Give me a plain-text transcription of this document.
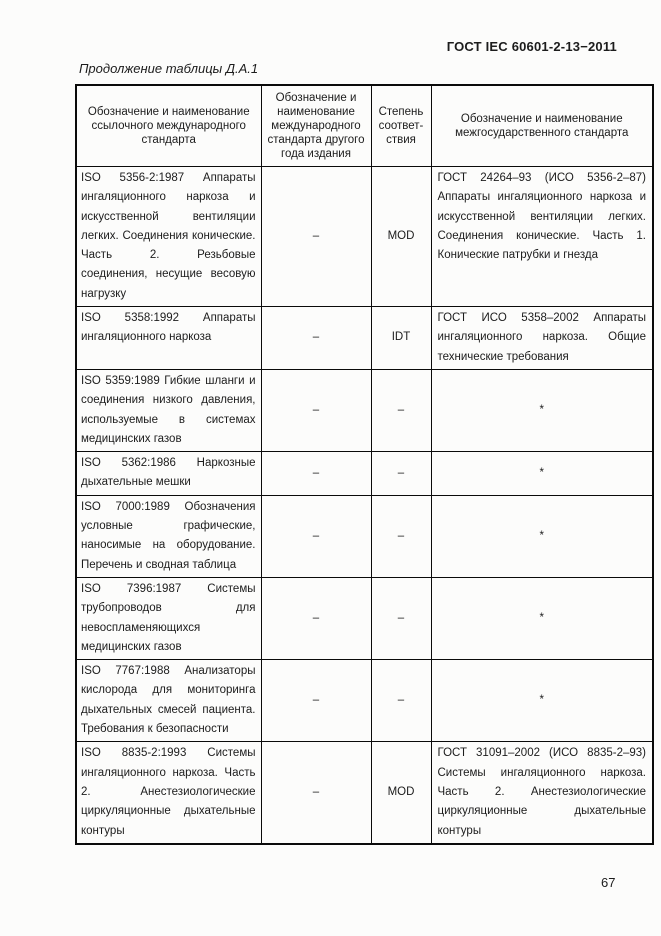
ГОСТ IEC 60601-2-13−2011
Продолжение таблицы Д.А.1
Обозначение и наименование ссылочного международного стандарта	Обозначение и наименование международного стандарта другого года издания	Степень соответ-ствия	Обозначение и наименование межгосударственного стандарта
ISO 5356-2:1987 Аппараты ингаляционного наркоза и искусственной вентиляции легких. Соединения конические. Часть 2. Резьбовые соединения, несущие весовую нагрузку	–	MOD	ГОСТ 24264–93 (ИСО 5356-2–87) Аппараты ингаляционного наркоза и искусственной вентиляции легких. Соединения конические. Часть 1. Конические патрубки и гнезда
ISO 5358:1992 Аппараты ингаляционного наркоза	–	IDT	ГОСТ ИСО 5358–2002 Аппараты ингаляционного наркоза. Общие технические требования
ISO 5359:1989 Гибкие шланги и соединения низкого давления, используемые в системах медицинских газов	–	–	*
ISO 5362:1986 Наркозные дыхательные мешки	–	–	*
ISO 7000:1989 Обозначения условные графические, наносимые на оборудование. Перечень и сводная таблица	–	–	*
ISO 7396:1987 Системы трубопроводов для невоспламеняющихся медицинских газов	–	–	*
ISO 7767:1988 Анализаторы кислорода для мониторинга дыхательных смесей пациента. Требования к безопасности	–	–	*
ISO 8835-2:1993 Системы ингаляционного наркоза. Часть 2. Анестезиологические циркуляционные дыхательные контуры	–	MOD	ГОСТ 31091–2002 (ИСО 8835-2–93) Системы ингаляционного наркоза. Часть 2. Анестезиологические циркуляционные дыхательные контуры
67
